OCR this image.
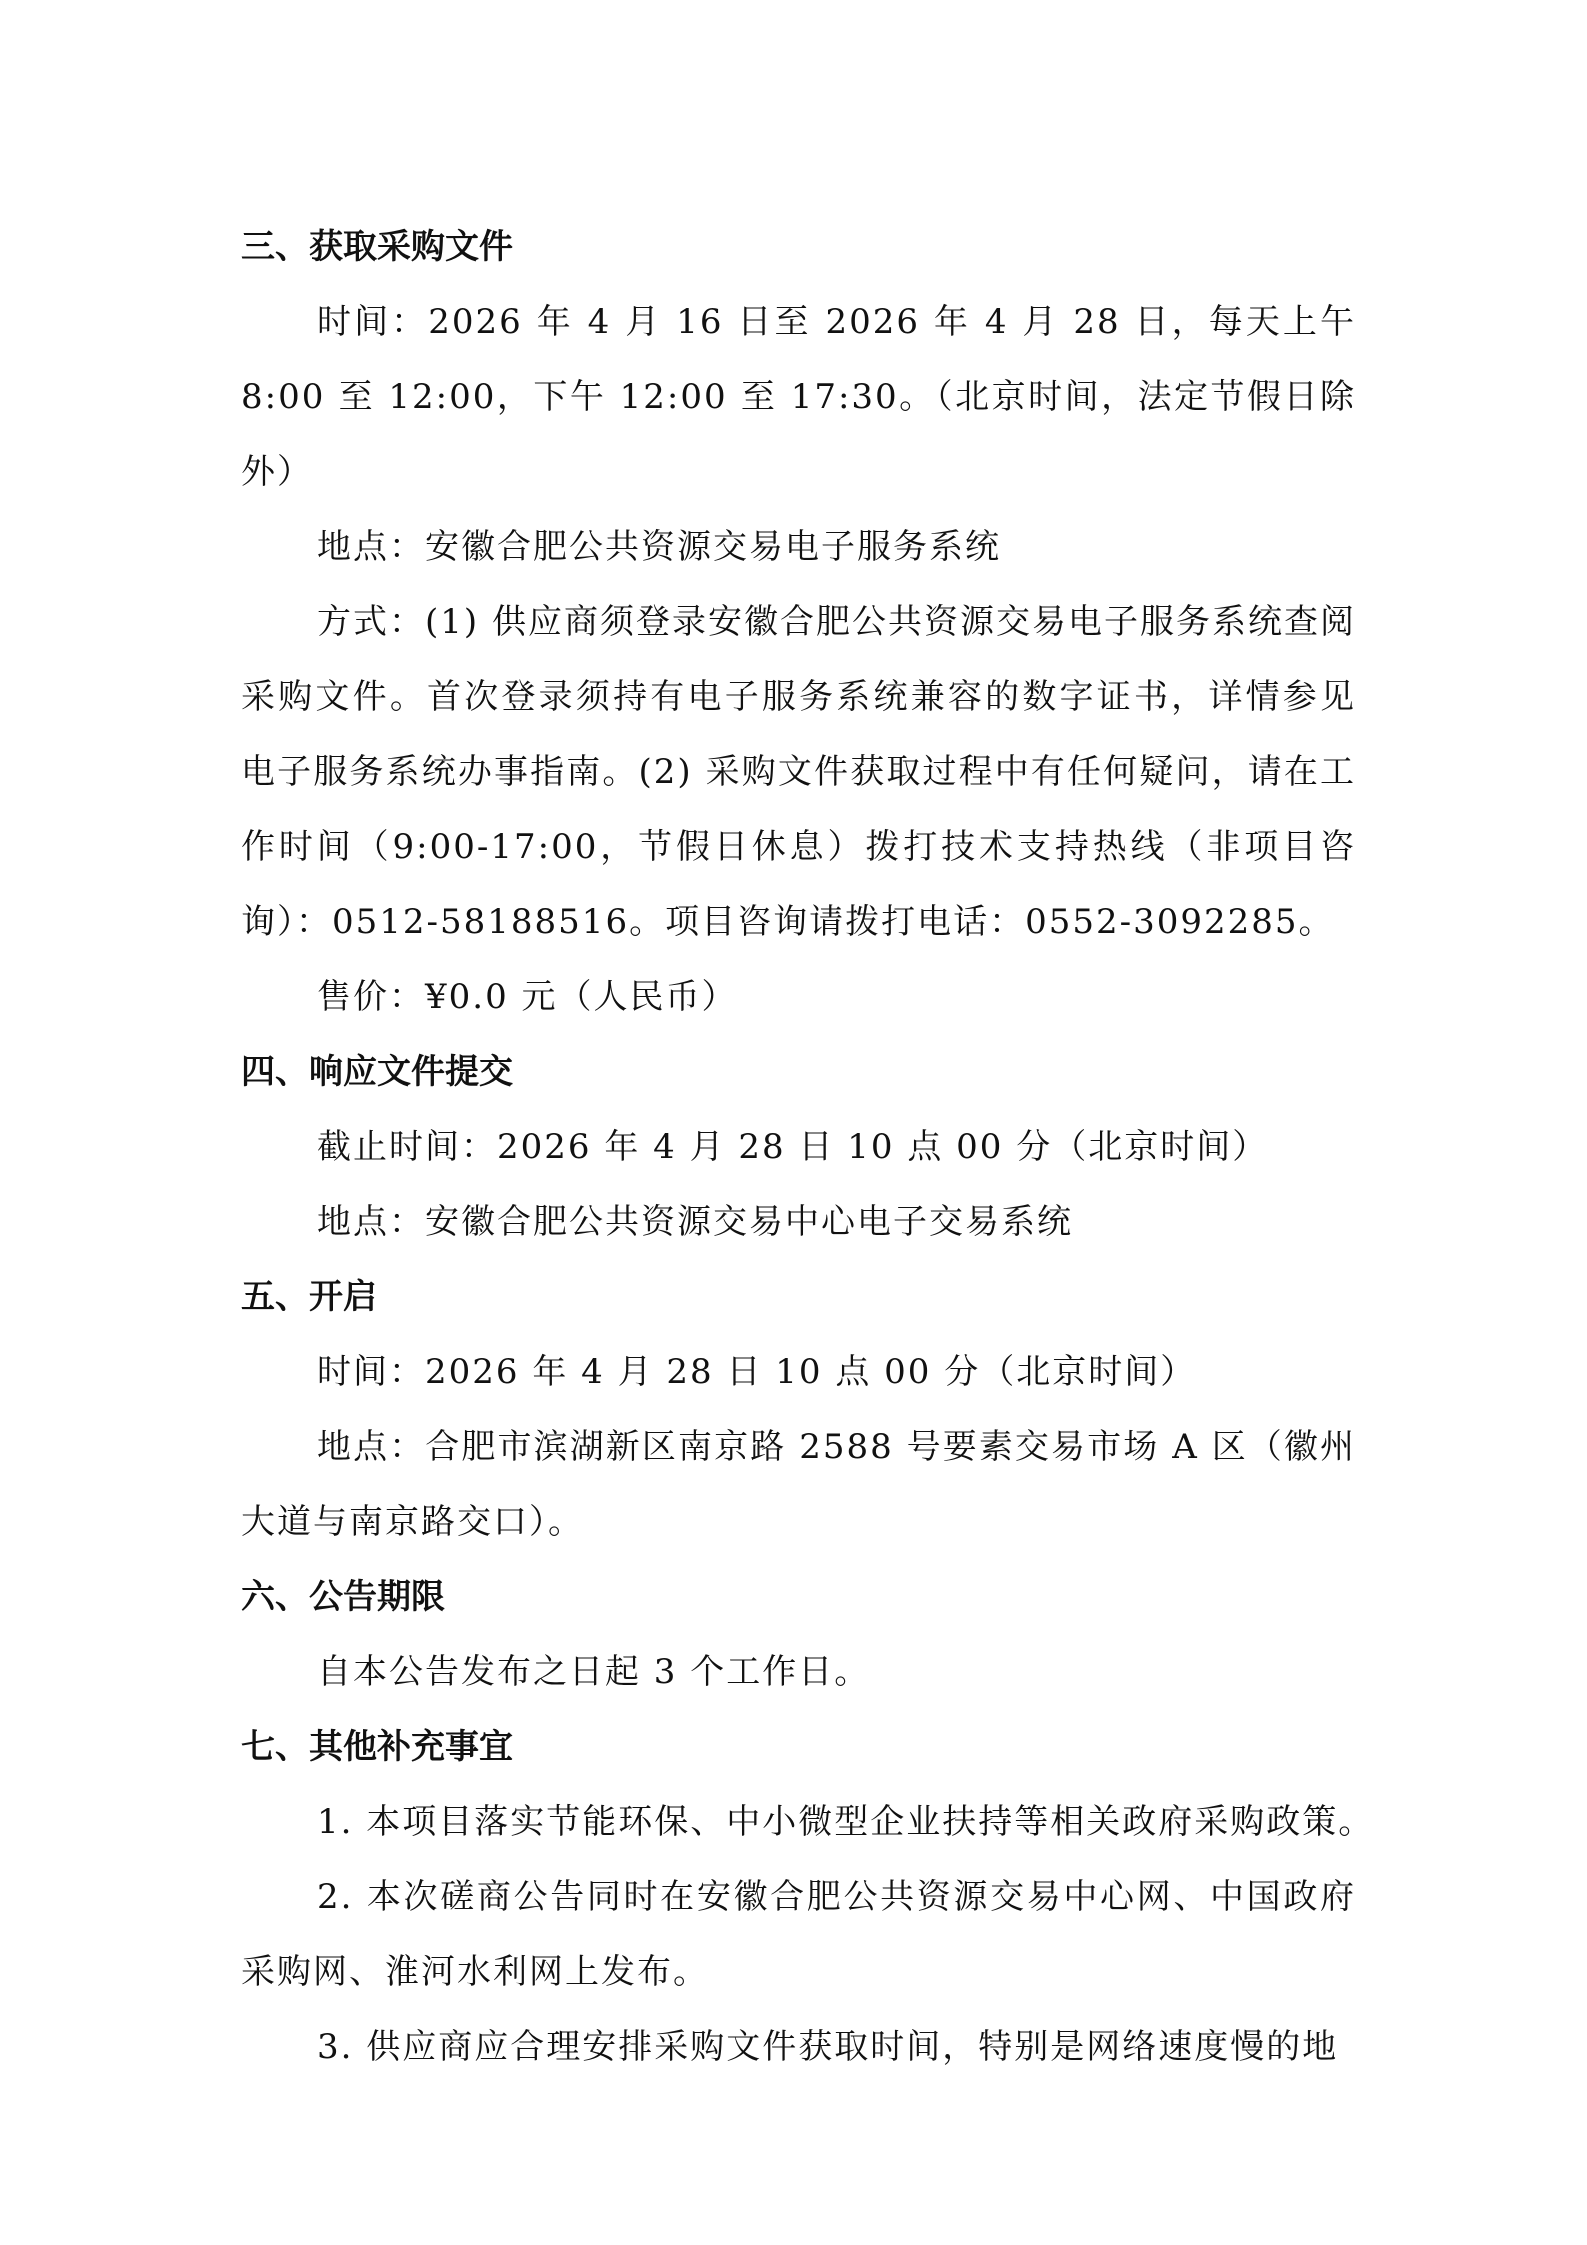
三、获取采购文件
时间：2026 年 4 月 16 日至 2026 年 4 月 28 日，每天上午 8:00 至 12:00，下午 12:00 至 17:30。（北京时间，法定节假日除外）
地点：安徽合肥公共资源交易电子服务系统
方式：(1) 供应商须登录安徽合肥公共资源交易电子服务系统查阅采购文件。首次登录须持有电子服务系统兼容的数字证书，详情参见电子服务系统办事指南。(2) 采购文件获取过程中有任何疑问，请在工作时间（9:00-17:00，节假日休息）拨打技术支持热线（非项目咨询）：0512-58188516。项目咨询请拨打电话：0552-3092285。
售价：¥0.0 元（人民币）
四、响应文件提交
截止时间：2026 年 4 月 28 日 10 点 00 分（北京时间）
地点：安徽合肥公共资源交易中心电子交易系统
五、开启
时间：2026 年 4 月 28 日 10 点 00 分（北京时间）
地点：合肥市滨湖新区南京路 2588 号要素交易市场 A 区（徽州大道与南京路交口）。
六、公告期限
自本公告发布之日起 3 个工作日。
七、其他补充事宜
1. 本项目落实节能环保、中小微型企业扶持等相关政府采购政策。
2. 本次磋商公告同时在安徽合肥公共资源交易中心网、中国政府采购网、淮河水利网上发布。
3. 供应商应合理安排采购文件获取时间，特别是网络速度慢的地
